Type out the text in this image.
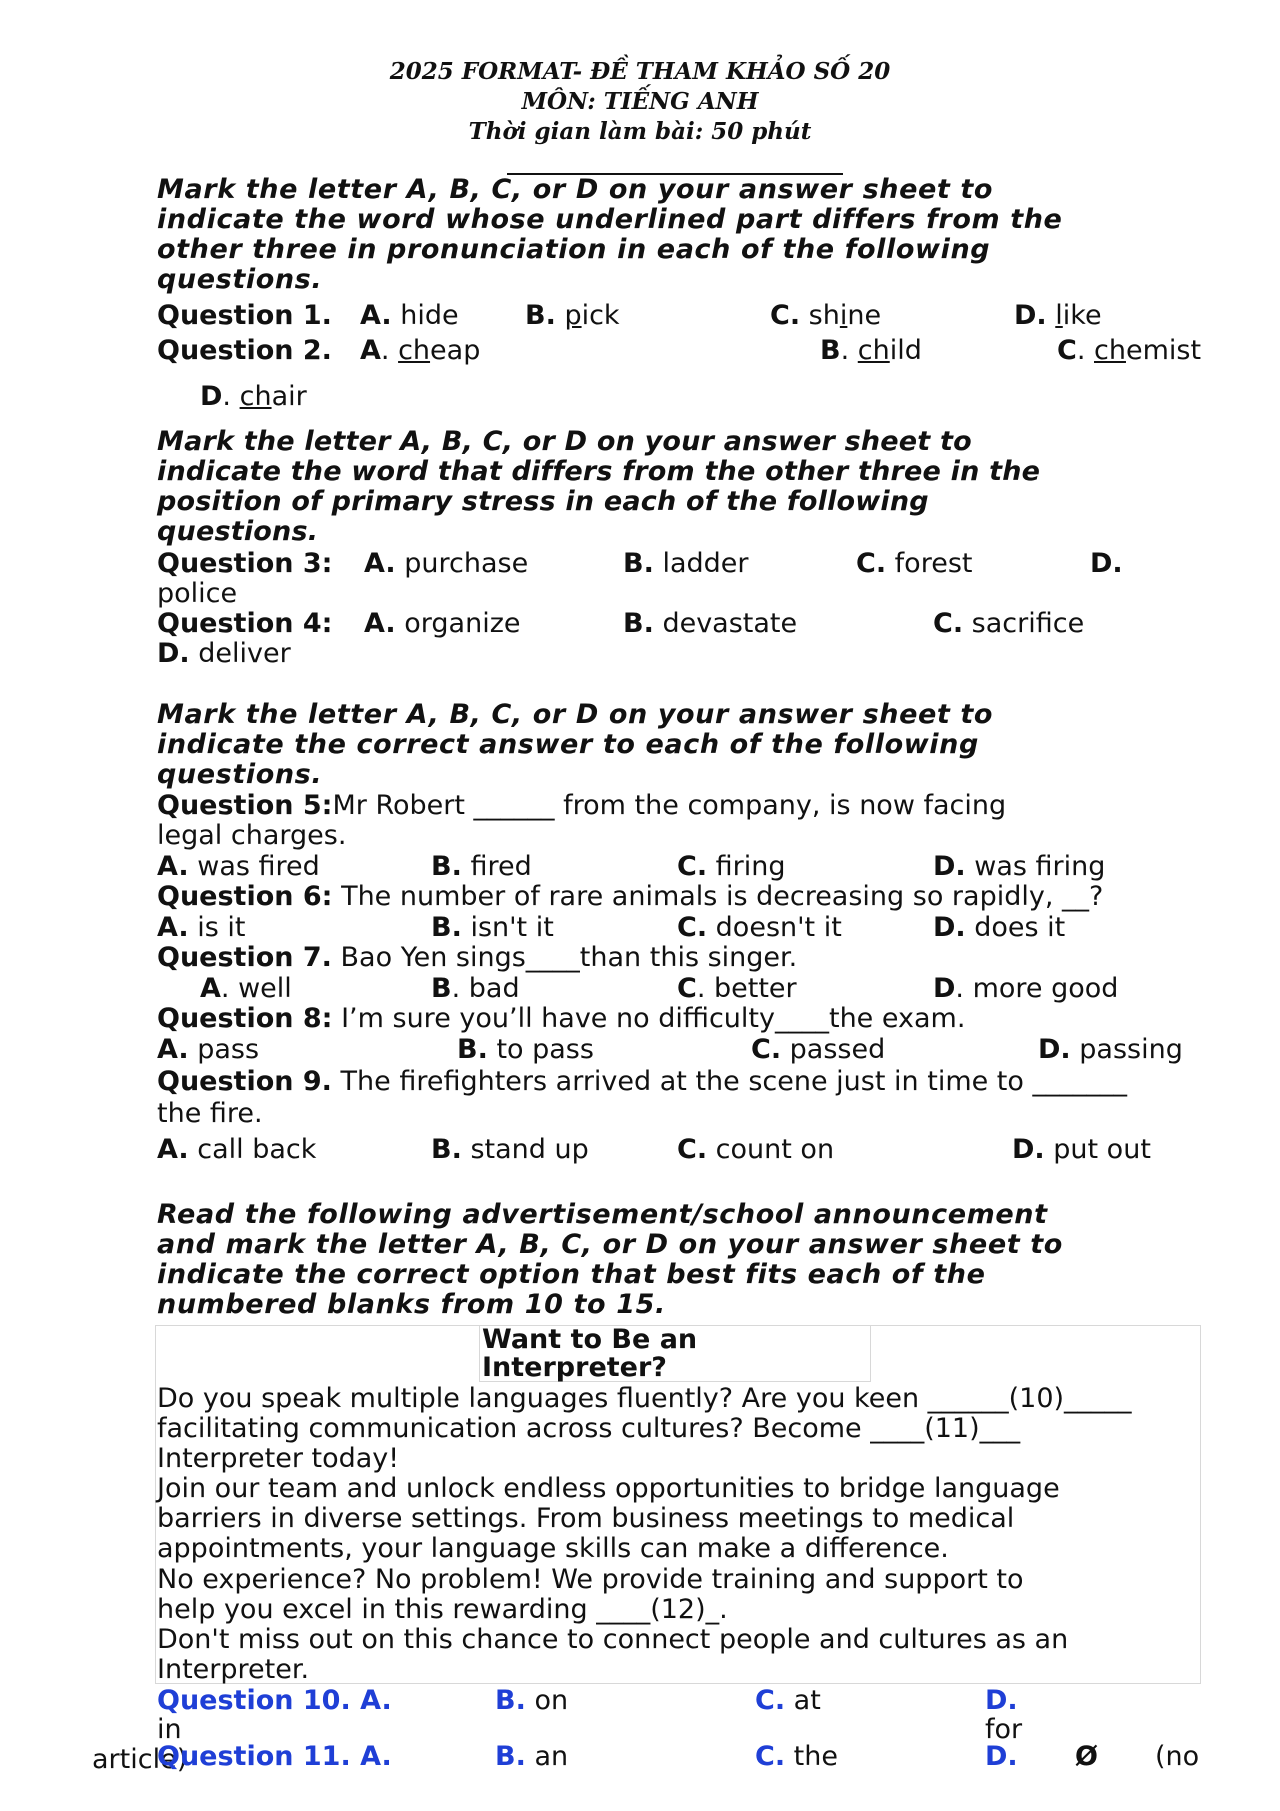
2025 FORMAT- ĐỀ THAM KHẢO SỐ 20
MÔN: TIẾNG ANH
Thời gian làm bài: 50 phút
Mark the letter A, B, C, or D on your answer sheet to
indicate the word whose underlined part differs from the
other three in pronunciation in each of the following
questions.
Question 1. A. hide B. pick	C. shine	D. like
Question 2. A. cheap	B. child	C. chemist
D. chair
Mark the letter A, B, C, or D on your answer sheet to
indicate the word that differs from the other three in the
position of primary stress in each of the following
questions.
Question 3: A. purchase	B. ladder	C. forest	D.
police
Question 4: A. organize	B. devastate	C. sacrifice
D. deliver
Mark the letter A, B, C, or D on your answer sheet to
indicate the correct answer to each of the following
questions.
Question 5:Mr Robert ______ from the company, is now facing
legal charges.
A. was fired	B. fired	C. firing	D. was firing
Question 6: The number of rare animals is decreasing so rapidly, __?
A. is it	B. isn't it	C. doesn't it	D. does it
Question 7. Bao Yen sings____than this singer.
A. well	B. bad	C. better	D. more good
Question 8: I’m sure you’ll have no difficulty____the exam.
A. pass	B. to pass	C. passed	D. passing
Question 9. The firefighters arrived at the scene just in time to _______
the fire.
A. call back	B. stand up	C. count on	D. put out
Read the following advertisement/school announcement
and mark the letter A, B, C, or D on your answer sheet to
indicate the correct option that best fits each of the
numbered blanks from 10 to 15.
Want to Be an
Interpreter?
Do you speak multiple languages fluently? Are you keen ______(10)_____
facilitating communication across cultures? Become ____(11)___
Interpreter today!
Join our team and unlock endless opportunities to bridge language
barriers in diverse settings. From business meetings to medical
appointments, your language skills can make a difference.
No experience? No problem! We provide training and support to
help you excel in this rewarding ____(12)_.
Don't miss out on this chance to connect people and cultures as an
Interpreter.
Question 10. A.
in
B. on	C. at	D.
for
article)
Question 11. A.	B. an	C. the	D. Ø (no
